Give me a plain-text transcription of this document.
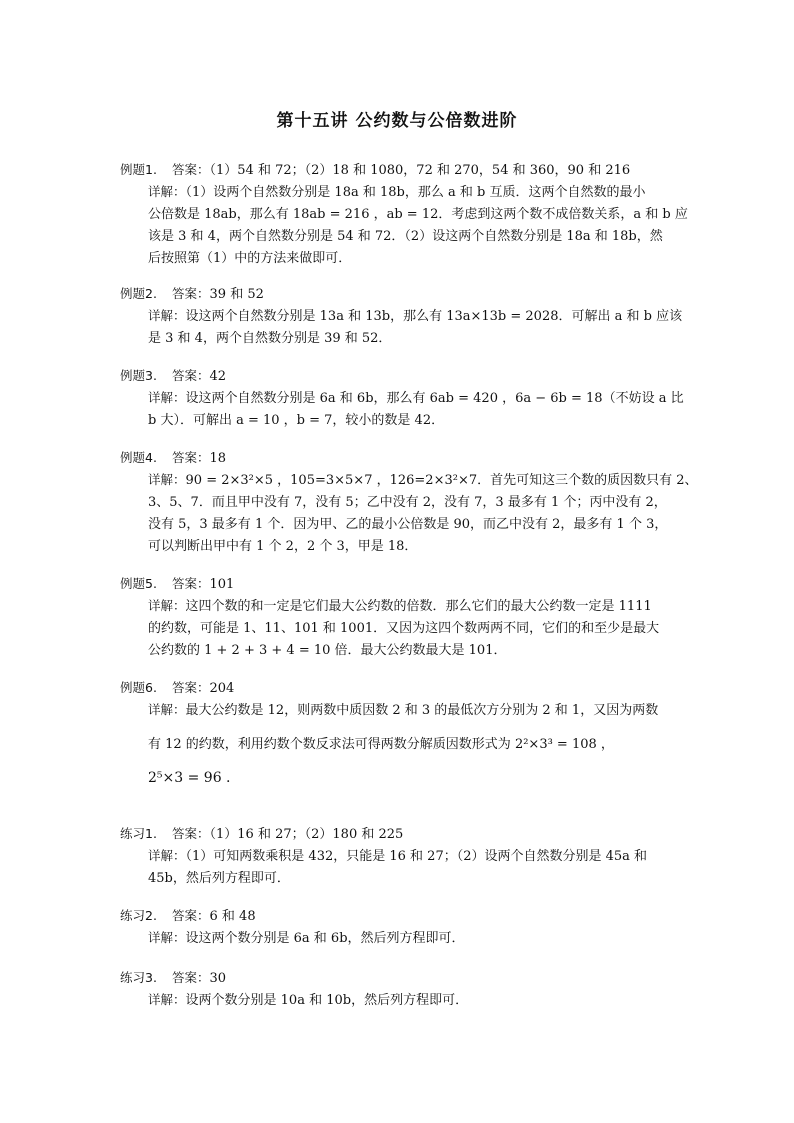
第十五讲 公约数与公倍数进阶
例题1. 答案：（1）54 和 72；（2）18 和 1080，72 和 270，54 和 360，90 和 216
详解：（1）设两个自然数分别是 18a 和 18b，那么 a 和 b 互质．这两个自然数的最小
公倍数是 18ab，那么有 18ab = 216 ，ab = 12．考虑到这两个数不成倍数关系，a 和 b 应
该是 3 和 4，两个自然数分别是 54 和 72．（2）设这两个自然数分别是 18a 和 18b，然
后按照第（1）中的方法来做即可．
例题2. 答案：39 和 52
详解：设这两个自然数分别是 13a 和 13b，那么有 13a×13b = 2028．可解出 a 和 b 应该
是 3 和 4，两个自然数分别是 39 和 52．
例题3. 答案：42
详解：设这两个自然数分别是 6a 和 6b，那么有 6ab = 420 ，6a − 6b = 18（不妨设 a 比
b 大）．可解出 a = 10 ，b = 7，较小的数是 42．
例题4. 答案：18
详解：90 = 2×3²×5 ，105=3×5×7 ，126=2×3²×7．首先可知这三个数的质因数只有 2、
3、5、7．而且甲中没有 7，没有 5；乙中没有 2，没有 7，3 最多有 1 个；丙中没有 2，
没有 5，3 最多有 1 个．因为甲、乙的最小公倍数是 90，而乙中没有 2，最多有 1 个 3，
可以判断出甲中有 1 个 2，2 个 3，甲是 18．
例题5. 答案：101
详解：这四个数的和一定是它们最大公约数的倍数．那么它们的最大公约数一定是 1111
的约数，可能是 1、11、101 和 1001．又因为这四个数两两不同，它们的和至少是最大
公约数的 1 + 2 + 3 + 4 = 10 倍．最大公约数最大是 101．
例题6. 答案：204
详解：最大公约数是 12，则两数中质因数 2 和 3 的最低次方分别为 2 和 1，又因为两数
有 12 的约数，利用约数个数反求法可得两数分解质因数形式为 2²×3³ = 108 ，
2⁵×3 = 96 .
练习1. 答案：（1）16 和 27；（2）180 和 225
详解：（1）可知两数乘积是 432，只能是 16 和 27；（2）设两个自然数分别是 45a 和
45b，然后列方程即可．
练习2. 答案：6 和 48
详解：设这两个数分别是 6a 和 6b，然后列方程即可．
练习3. 答案：30
详解：设两个数分别是 10a 和 10b，然后列方程即可．
